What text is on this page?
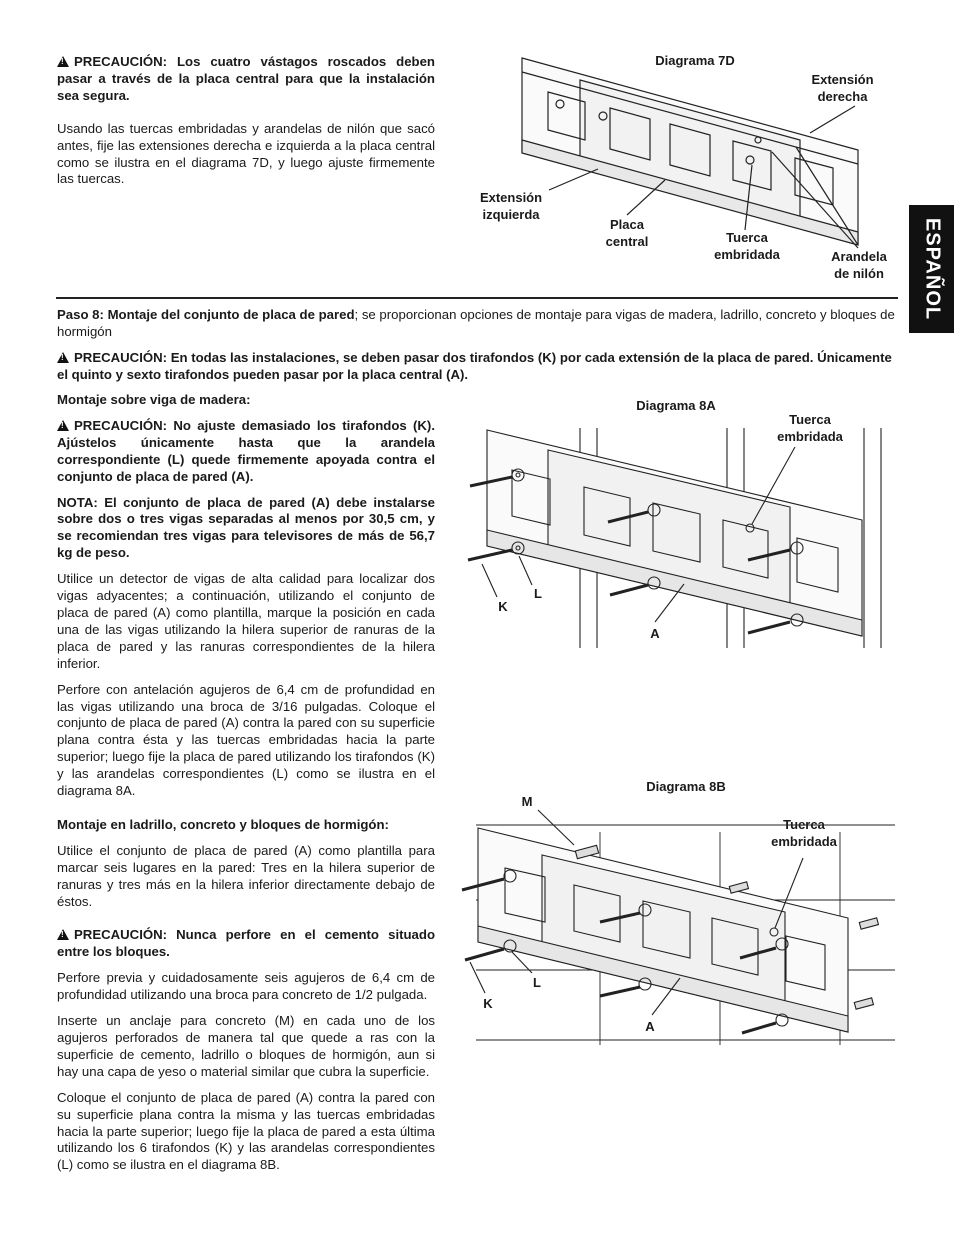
ESPAÑOL

!PRECAUCIÓN: Los cuatro vástagos roscados deben pasar a través de la placa central para que la instalación sea segura.

Usando las tuercas embridadas y arandelas de nilón que sacó antes, fije las extensiones derecha e izquierda a la placa central como se ilustra en el diagrama 7D, y luego ajuste firmemente las tuercas.

Diagrama 7D
Extensión derecha
Extensión izquierda
Placa central	Tuerca embridada	Arandela de nilón

Paso 8: Montaje del conjunto de placa de pared; se proporcionan opciones de montaje para vigas de madera, ladrillo, concreto y bloques de hormigón

!PRECAUCIÓN: En todas las instalaciones, se deben pasar dos tirafondos (K) por cada extensión de la placa de pared. Únicamente el quinto y sexto tirafondos pueden pasar por la placa central (A).

Montaje sobre viga de madera:

!PRECAUCIÓN: No ajuste demasiado los tirafondos (K). Ajústelos únicamente hasta que la arandela correspondiente (L) quede firmemente apoyada contra el conjunto de placa de pared (A).

NOTA: El conjunto de placa de pared (A) debe instalarse sobre dos o tres vigas separadas al menos por 30,5 cm, y se recomiendan tres vigas para televisores de más de 56,7 kg de peso.

Utilice un detector de vigas de alta calidad para localizar dos vigas adyacentes; a continuación, utilizando el conjunto de placa de pared (A) como plantilla, marque la posición en cada una de las vigas utilizando la hilera superior de ranuras de la placa de pared y las ranuras correspondientes de la hilera inferior.

Perfore con antelación agujeros de 6,4 cm de profundidad en las vigas utilizando una broca de 3/16 pulgadas. Coloque el conjunto de placa de pared (A) contra la pared con su superficie plana contra ésta y las tuercas embridadas hacia la parte superior; luego fije la placa de pared utilizando los tirafondos (K) y las arandelas correspondientes (L) como se ilustra en el diagrama 8A.

Montaje en ladrillo, concreto y bloques de hormigón:

Utilice el conjunto de placa de pared (A) como plantilla para marcar seis lugares en la pared: Tres en la hilera superior de ranuras y tres más en la hilera inferior directamente debajo de éstos.

!PRECAUCIÓN: Nunca perfore en el cemento situado entre los bloques.

Perfore previa y cuidadosamente seis agujeros de 6,4 cm de profundidad utilizando una broca para concreto de 1/2 pulgada.

Inserte un anclaje para concreto (M) en cada uno de los agujeros perforados de manera tal que quede a ras con la superficie de cemento, ladrillo o bloques de hormigón, aun si hay una capa de yeso o material similar que cubra la superficie.

Coloque el conjunto de placa de pared (A) contra la pared con su superficie plana contra la misma y las tuercas embridadas hacia la parte superior; luego fije la placa de pared a esta última utilizando los 6 tirafondos (K) y las arandelas correspondientes (L) como se ilustra en el diagrama 8B.

Diagrama 8A
Tuerca embridada
K
L
A
Diagrama 8B
M
Tuerca embridada
K
L
A
